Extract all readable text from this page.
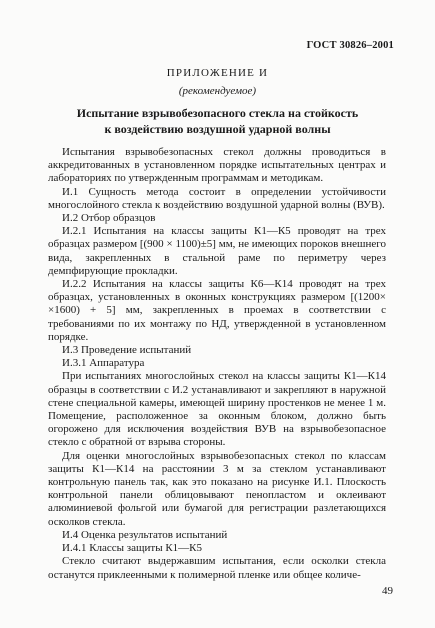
ГОСТ 30826–2001
ПРИЛОЖЕНИЕ И
(рекомендуемое)
Испытание взрывобезопасного стекла на стойкость
к воздействию воздушной ударной волны

Испытания взрывобезопасных стекол должны проводиться в аккредитованных в установленном порядке испытательных центрах и лабораториях по утвержденным программам и методикам.

И.1 Сущность метода состоит в определении устойчивости многослойного стекла к воздействию воздушной ударной волны (ВУВ).

И.2 Отбор образцов

И.2.1 Испытания на классы защиты К1—К5 проводят на трех образцах размером [(900 × 1100)±5] мм, не имеющих пороков внешнего вида, закрепленных в стальной раме по периметру через демпфирующие прокладки.

И.2.2 Испытания на классы защиты К6—К14 проводят на трех образцах, установленных в оконных конструкциях размером [(1200× ×1600) + 5] мм, закрепленных в проемах в соответствии с требованиями по их монтажу по НД, утвержденной в установленном порядке.

И.3 Проведение испытаний

И.3.1 Аппаратура

При испытаниях многослойных стекол на классы защиты К1—К14 образцы в соответствии с И.2 устанавливают и закрепляют в наружной стене специальной камеры, имеющей ширину простенков не менее 1 м. Помещение, расположенное за оконным блоком, должно быть огорожено для исключения воздействия ВУВ на взрывобезопасное стекло с обратной от взрыва стороны.

Для оценки многослойных взрывобезопасных стекол по классам защиты К1—К14 на расстоянии 3 м за стеклом устанавливают контрольную панель так, как это показано на рисунке И.1. Плоскость контрольной панели облицовывают пенопластом и оклеивают алюминиевой фольгой или бумагой для регистрации разлетающихся осколков стекла.

И.4 Оценка результатов испытаний

И.4.1 Классы защиты К1—К5

Стекло считают выдержавшим испытания, если осколки стекла останутся приклеенными к полимерной пленке или общее количе-

49
